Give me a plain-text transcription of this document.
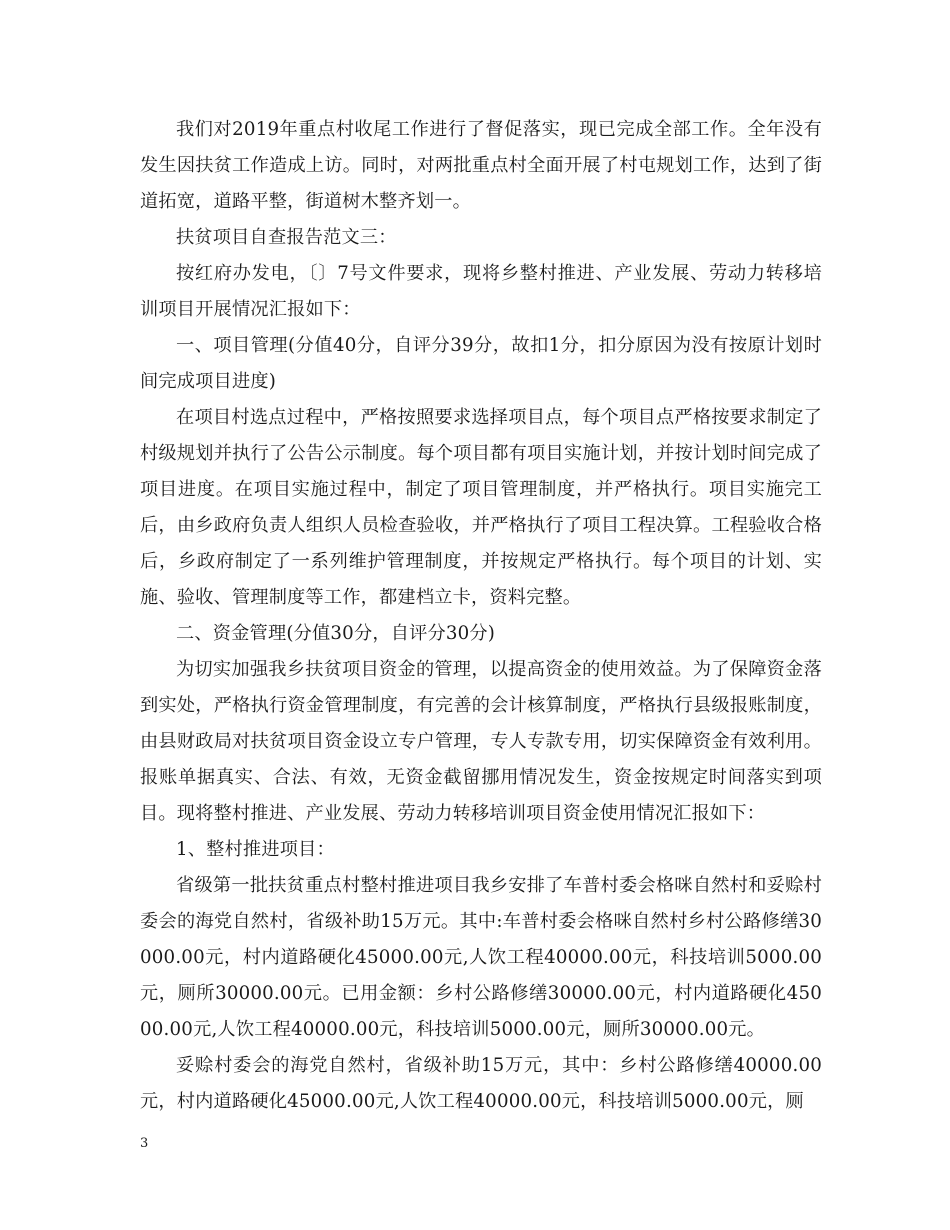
我们对2019年重点村收尾工作进行了督促落实，现已完成全部工作。全年没有发生因扶贫工作造成上访。同时，对两批重点村全面开展了村屯规划工作，达到了街道拓宽，道路平整，街道树木整齐划一。

扶贫项目自查报告范文三：

按红府办发电，〔〕7号文件要求，现将乡整村推进、产业发展、劳动力转移培训项目开展情况汇报如下：

一、项目管理(分值40分，自评分39分，故扣1分，扣分原因为没有按原计划时间完成项目进度)

在项目村选点过程中，严格按照要求选择项目点，每个项目点严格按要求制定了村级规划并执行了公告公示制度。每个项目都有项目实施计划，并按计划时间完成了项目进度。在项目实施过程中，制定了项目管理制度，并严格执行。项目实施完工后，由乡政府负责人组织人员检查验收，并严格执行了项目工程决算。工程验收合格后，乡政府制定了一系列维护管理制度，并按规定严格执行。每个项目的计划、实施、验收、管理制度等工作，都建档立卡，资料完整。

二、资金管理(分值30分，自评分30分)

为切实加强我乡扶贫项目资金的管理，以提高资金的使用效益。为了保障资金落到实处，严格执行资金管理制度，有完善的会计核算制度，严格执行县级报账制度，由县财政局对扶贫项目资金设立专户管理，专人专款专用，切实保障资金有效利用。报账单据真实、合法、有效，无资金截留挪用情况发生，资金按规定时间落实到项目。现将整村推进、产业发展、劳动力转移培训项目资金使用情况汇报如下：

1、整村推进项目：

省级第一批扶贫重点村整村推进项目我乡安排了车普村委会格咪自然村和妥赊村委会的海党自然村，省级补助15万元。其中:车普村委会格咪自然村乡村公路修缮30000.00元，村内道路硬化45000.00元,人饮工程40000.00元，科技培训5000.00元，厕所30000.00元。已用金额：乡村公路修缮30000.00元，村内道路硬化45000.00元,人饮工程40000.00元，科技培训5000.00元，厕所30000.00元。

妥赊村委会的海党自然村，省级补助15万元，其中：乡村公路修缮40000.00元，村内道路硬化45000.00元,人饮工程40000.00元，科技培训5000.00元，厕

3
